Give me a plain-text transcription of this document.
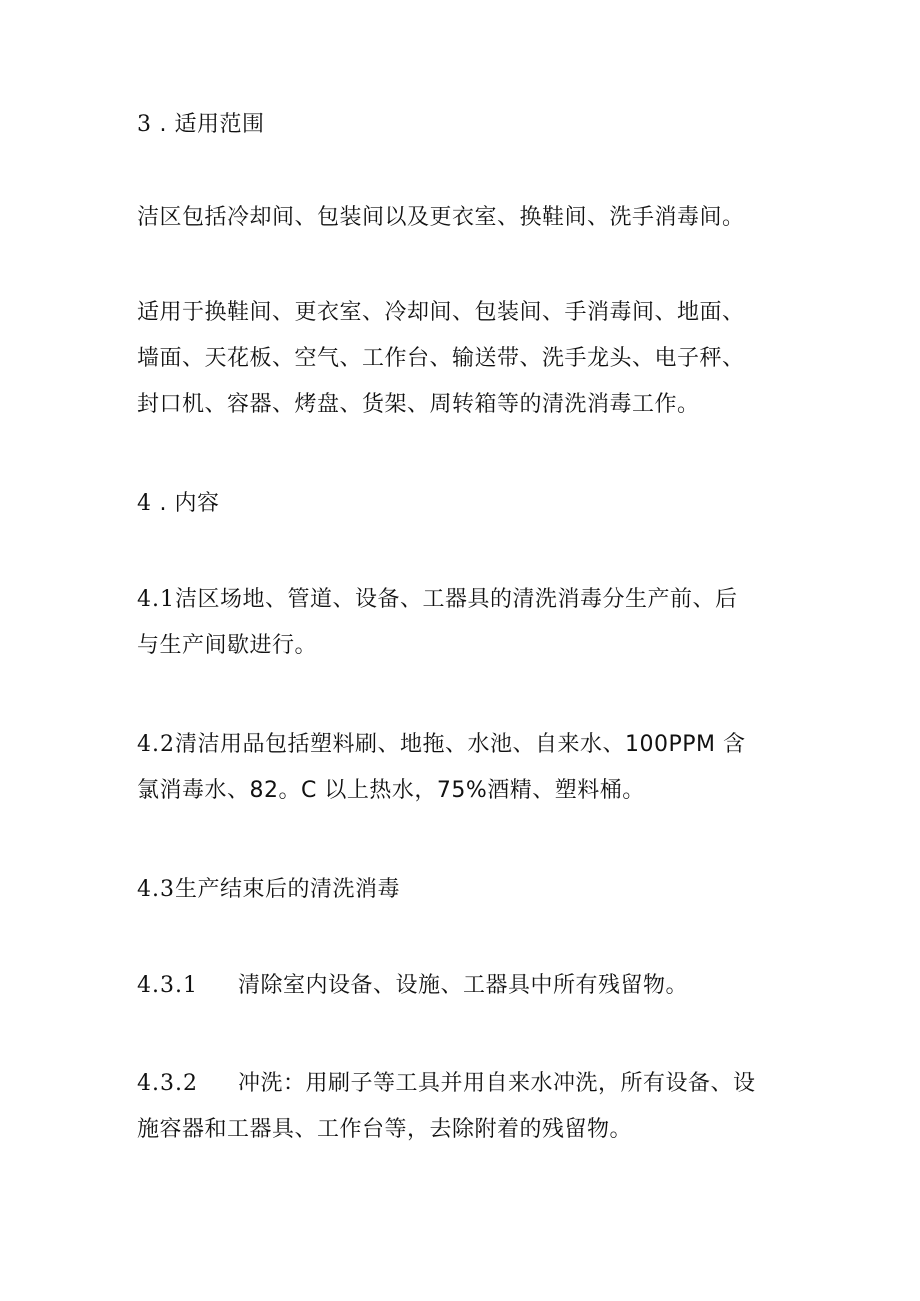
3 . 适用范围
洁区包括冷却间、包装间以及更衣室、换鞋间、洗手消毒间。
适用于换鞋间、更衣室、冷却间、包装间、手消毒间、地面、
墙面、天花板、空气、工作台、输送带、洗手龙头、电子秤、
封口机、容器、烤盘、货架、周转箱等的清洗消毒工作。
4 . 内容
4.1洁区场地、管道、设备、工器具的清洗消毒分生产前、后
与生产间歇进行。
4.2清洁用品包括塑料刷、地拖、水池、自来水、100PPM 含
氯消毒水、82。C 以上热水，75%酒精、塑料桶。
4.3生产结束后的清洗消毒
4.3.1 清除室内设备、设施、工器具中所有残留物。
4.3.2 冲洗：用刷子等工具并用自来水冲洗，所有设备、设
施容器和工器具、工作台等，去除附着的残留物。
